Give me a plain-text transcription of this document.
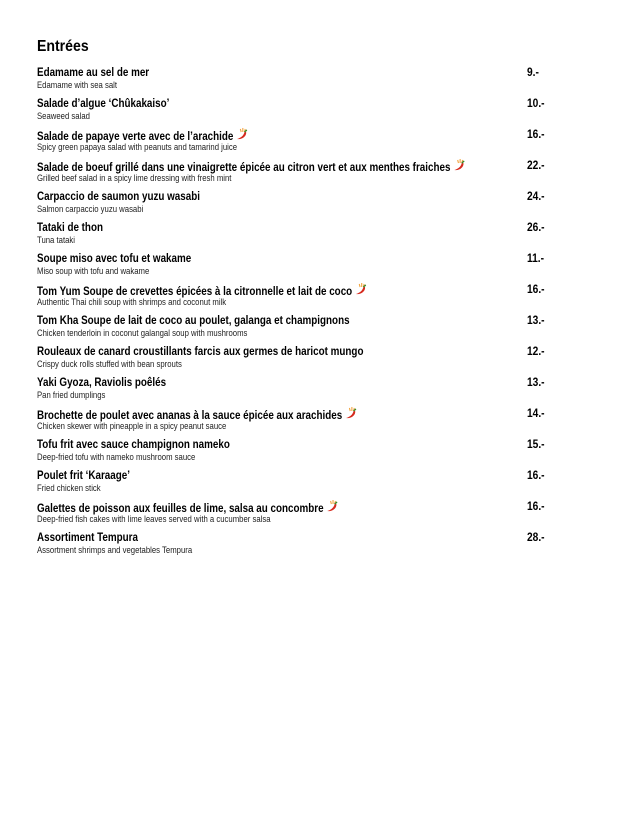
Entrées
Edamame au sel de mer
Edamame with sea salt
9.-
Salade d’algue ‘Chûkakaiso’
Seaweed salad
10.-
Salade de papaye verte avec de l’arachide
Spicy green papaya salad with peanuts and tamarind juice
16.-
Salade de boeuf grillé dans une vinaigrette épicée au citron vert et aux menthes fraiches
Grilled beef salad in a spicy lime dressing with fresh mint
22.-
Carpaccio de saumon yuzu wasabi
Salmon carpaccio yuzu wasabi
24.-
Tataki de thon
Tuna tataki
26.-
Soupe miso avec tofu et wakame
Miso soup with tofu and wakame
11.-
Tom Yum Soupe de crevettes épicées à la citronnelle et lait de coco
Authentic Thai chili soup with shrimps and coconut milk
16.-
Tom Kha Soupe de lait de coco au poulet, galanga et champignons
Chicken tenderloin in coconut galangal soup with mushrooms
13.-
Rouleaux de canard croustillants farcis aux germes de haricot mungo
Crispy duck rolls stuffed with bean sprouts
12.-
Yaki Gyoza, Raviolis poêlés
Pan fried dumplings
13.-
Brochette de poulet avec ananas à la sauce épicée aux arachides
Chicken skewer with pineapple in a spicy peanut sauce
14.-
Tofu frit avec sauce champignon nameko
Deep-fried tofu with nameko mushroom sauce
15.-
Poulet frit ‘Karaage’
Fried chicken stick
16.-
Galettes de poisson aux feuilles de lime, salsa au concombre
Deep-fried fish cakes with lime leaves served with a cucumber salsa
16.-
Assortiment Tempura
Assortment shrimps and vegetables Tempura
28.-
